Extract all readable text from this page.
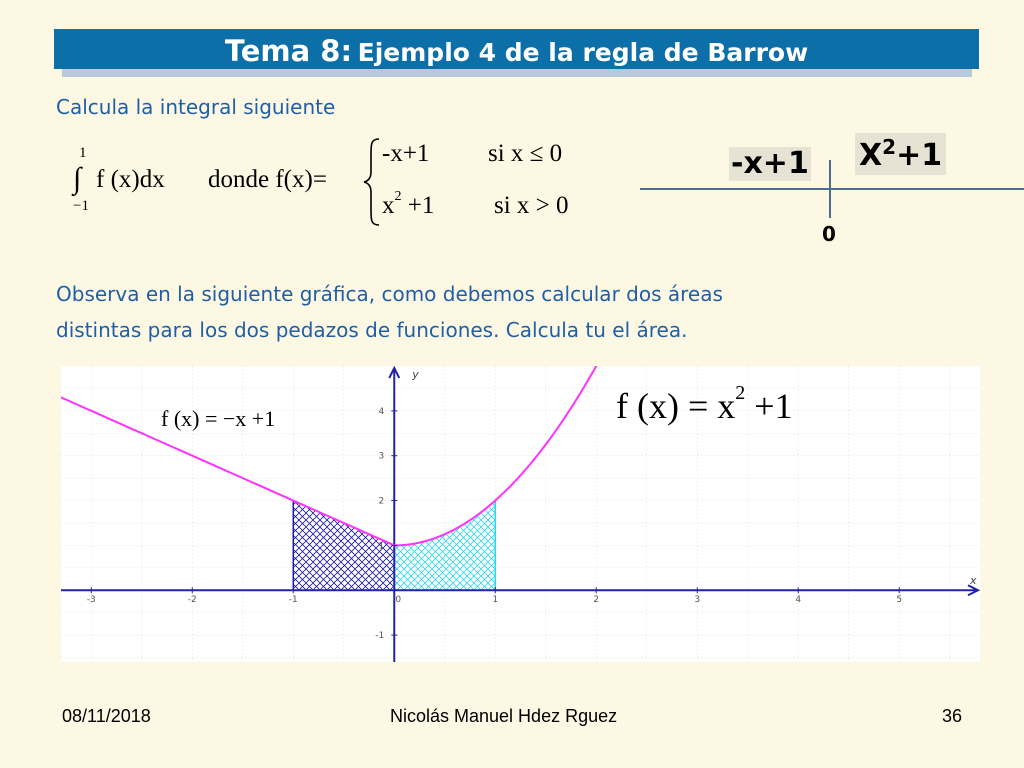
Tema 8: Ejemplo 4 de la regla de Barrow
Calcula la integral siguiente
1
∫
−1
f (x)dx donde f(x)=
-x+1 si x ≤ 0
$x^2 +1$ si x > 0
-x+1 $X^2+1$
0
Observa en la siguiente gráfica, como debemos calcular dos áreas
distintas para los dos pedazos de funciones. Calcula tu el área.
-3	-2	-1	0	1	2	3	4	5
4
3
2
1
-1
x
y
f (x) = −x +1	f $(x) = x^2 +1$
08/11/2018	Nicolás Manuel Hdez Rguez	36
